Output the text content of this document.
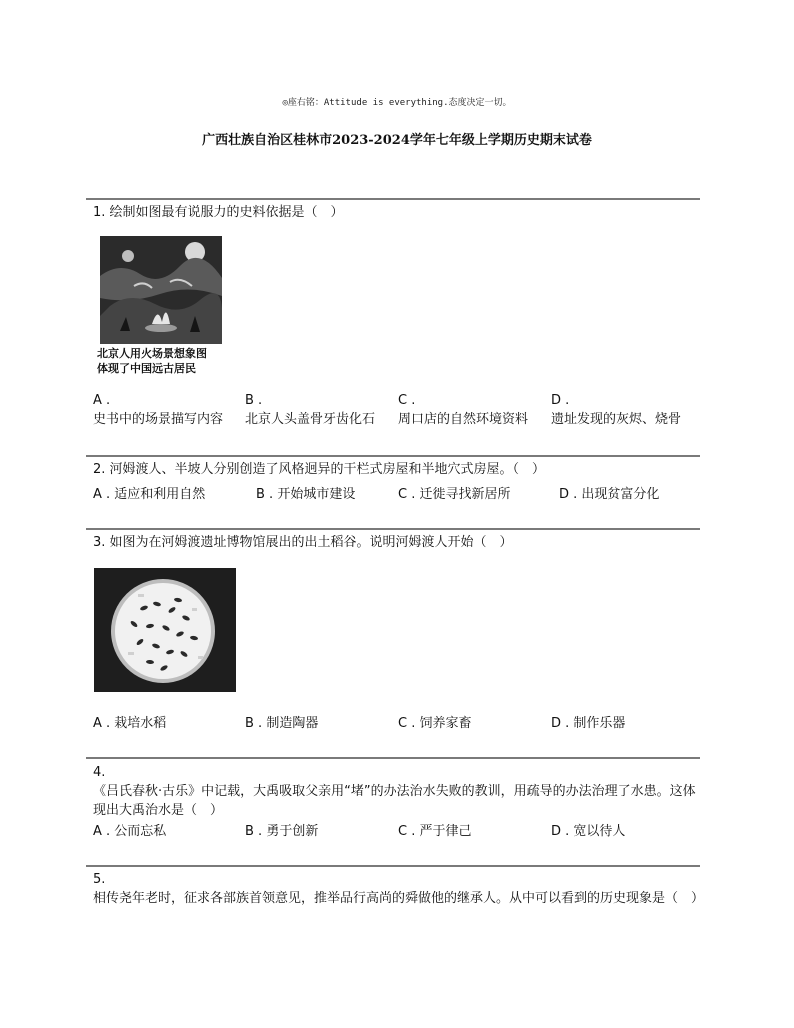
◎座右铭：Attitude is everything.态度决定一切。
广西壮族自治区桂林市2023-2024学年七年级上学期历史期末试卷

1. 绘制如图最有说服力的史料依据是（　）

北京人用火场景想象图
体现了中国远古居民
A .
史书中的场景描写内容
B .
北京人头盖骨牙齿化石
C .
周口店的自然环境资料
D .
遗址发现的灰烬、烧骨

2. 河姆渡人、半坡人分别创造了风格迥异的干栏式房屋和半地穴式房屋。（　）

A . 适应和利用自然	B . 开始城市建设	C . 迁徙寻找新居所	D . 出现贫富分化

3. 如图为在河姆渡遗址博物馆展出的出土稻谷。说明河姆渡人开始（　）

A . 栽培水稻	B . 制造陶器	C . 饲养家畜	D . 制作乐器

4.

《吕氏春秋·古乐》中记载，大禹吸取父亲用“堵”的办法治水失败的教训，用疏导的办法治理了水患。这体现出大禹治水是（　）

A . 公而忘私	B . 勇于创新	C . 严于律己	D . 宽以待人

5.

相传尧年老时，征求各部族首领意见，推举品行高尚的舜做他的继承人。从中可以看到的历史现象是（　）
